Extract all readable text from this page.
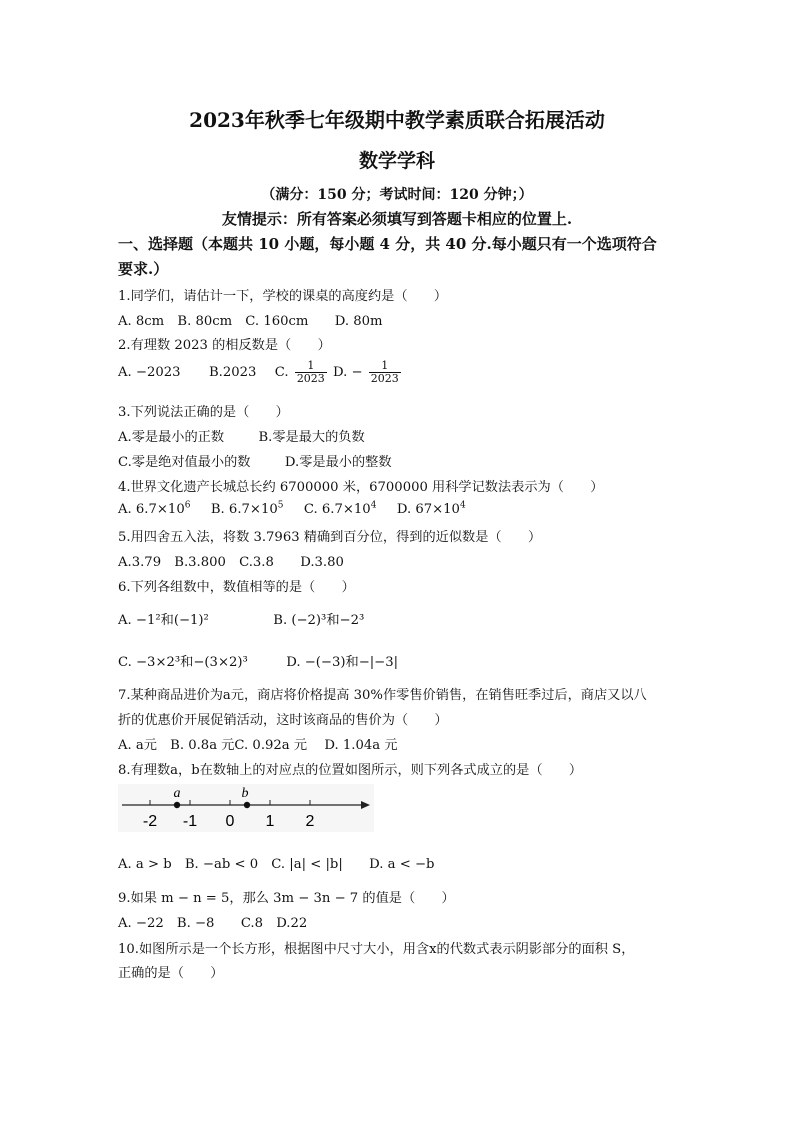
2023年秋季七年级期中教学素质联合拓展活动
数学学科
（满分：150 分；考试时间：120 分钟；）
友情提示：所有答案必须填写到答题卡相应的位置上.
一、选择题（本题共 10 小题，每小题 4 分，共 40 分.每小题只有一个选项符合
要求.）
1.同学们，请估计一下，学校的课桌的高度约是（　　）
A. 8cm　B. 80cm　C. 160cm　　D. 80m
2.有理数 2023 的相反数是（　　）
A. −2023 B.2023 C. $\frac{1}{2023} D$. − $\frac{1}{2023}$
3.下列说法正确的是（　　）
A.零是最小的正数	B.零是最大的负数
C.零是绝对值最小的数	D.零是最小的整数
4.世界文化遗产长城总长约 6700000 米，6700000 用科学记数法表示为（　　）
A. $6.7\times 10^6$ B. $6.7\times 10^5$ C. $6.7\times 10^4$ D. $67\times 10^4$
5.用四舍五入法，将数 3.7963 精确到百分位，得到的近似数是（　　）
A.3.79　B.3.800　C.3.8　　D.3.80
6.下列各组数中，数值相等的是（　　）
A. −1²和(−1)²	B. (−2)³和−2³
C. −3×2³和−(3×2)³	D. −(−3)和−|−3|
7.某种商品进价为a元，商店将价格提高 30%作零售价销售，在销售旺季过后，商店又以八
折的优惠价开展促销活动，这时该商品的售价为（　　）
A. a元　B. 0.8a 元C. 0.92a 元　 D. 1.04a 元
8.有理数a，b在数轴上的对应点的位置如图所示，则下列各式成立的是（　　）
-2 -1 0 1 2
a	b
A. a > b　B. −ab < 0　C. |a| < |b|　　D. a < −b
9.如果 m − n = 5，那么 3m − 3n − 7 的值是（　　）
A. −22　B. −8　　C.8　D.22
10.如图所示是一个长方形，根据图中尺寸大小，用含x的代数式表示阴影部分的面积 S，
正确的是（　　）
